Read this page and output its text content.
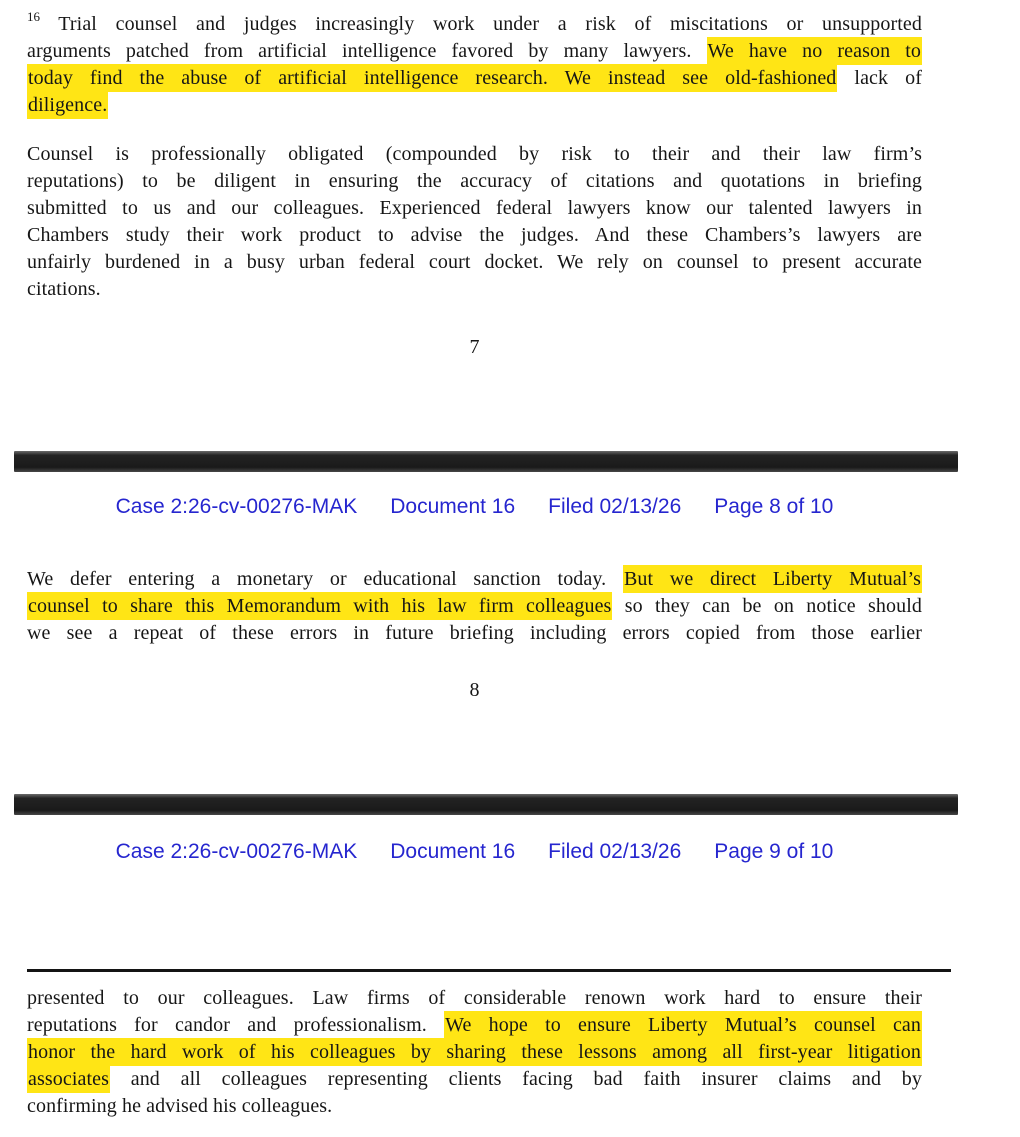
$^{16}$ Trial counsel and judges increasingly work under a risk of miscitations or unsupported
arguments patched from artificial intelligence favored by many lawyers. We have no reason to
today find the abuse of artificial intelligence research. We instead see old-fashioned lack of
diligence.
Counsel is professionally obligated (compounded by risk to their and their law firm’s
reputations) to be diligent in ensuring the accuracy of citations and quotations in briefing
submitted to us and our colleagues. Experienced federal lawyers know our talented lawyers in
Chambers study their work product to advise the judges. And these Chambers’s lawyers are
unfairly burdened in a busy urban federal court docket. We rely on counsel to present accurate
citations.
7
Case 2:26-cv-00276-MAK Document 16 Filed 02/13/26 Page 8 of 10
We defer entering a monetary or educational sanction today. But we direct Liberty Mutual’s
counsel to share this Memorandum with his law firm colleagues so they can be on notice should
we see a repeat of these errors in future briefing including errors copied from those earlier
8
Case 2:26-cv-00276-MAK Document 16 Filed 02/13/26 Page 9 of 10
presented to our colleagues. Law firms of considerable renown work hard to ensure their
reputations for candor and professionalism. We hope to ensure Liberty Mutual’s counsel can
honor the hard work of his colleagues by sharing these lessons among all first-year litigation
associates and all colleagues representing clients facing bad faith insurer claims and by
confirming he advised his colleagues.
